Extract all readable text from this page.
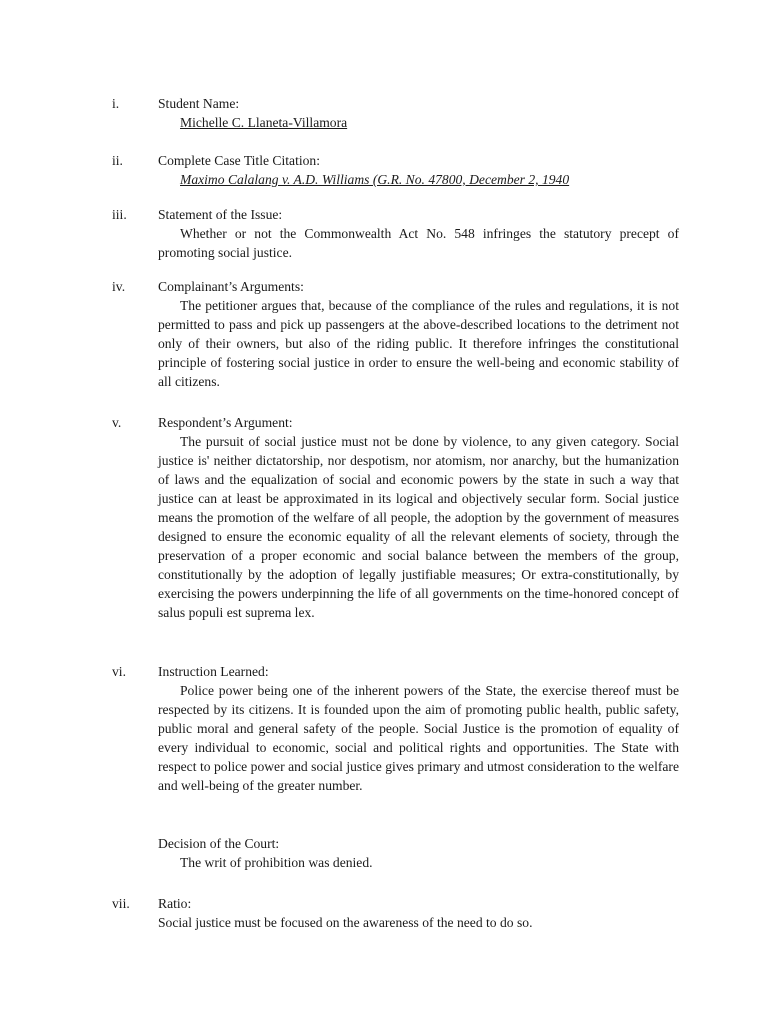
i.	Student Name:
Michelle C. Llaneta-Villamora
ii.	Complete Case Title Citation:
Maximo Calalang v. A.D. Williams (G.R. No. 47800, December 2, 1940
iii.	Statement of the Issue:
Whether or not the Commonwealth Act No. 548 infringes the statutory precept of promoting social justice.
iv.	Complainant’s Arguments:
The petitioner argues that, because of the compliance of the rules and regulations, it is not permitted to pass and pick up passengers at the above-described locations to the detriment not only of their owners, but also of the riding public. It therefore infringes the constitutional principle of fostering social justice in order to ensure the well-being and economic stability of all citizens.
v.	Respondent’s Argument:
The pursuit of social justice must not be done by violence, to any given category. Social justice is' neither dictatorship, nor despotism, nor atomism, nor anarchy, but the humanization of laws and the equalization of social and economic powers by the state in such a way that justice can at least be approximated in its logical and objectively secular form. Social justice means the promotion of the welfare of all people, the adoption by the government of measures designed to ensure the economic equality of all the relevant elements of society, through the preservation of a proper economic and social balance between the members of the group, constitutionally by the adoption of legally justifiable measures; Or extra-constitutionally, by exercising the powers underpinning the life of all governments on the time-honored concept of salus populi est suprema lex.
vi.	Instruction Learned:
Police power being one of the inherent powers of the State, the exercise thereof must be respected by its citizens. It is founded upon the aim of promoting public health, public safety, public moral and general safety of the people. Social Justice is the promotion of equality of every individual to economic, social and political rights and opportunities. The State with respect to police power and social justice gives primary and utmost consideration to the welfare and well-being of the greater number.
Decision of the Court:
The writ of prohibition was denied.
vii.	Ratio:
Social justice must be focused on the awareness of the need to do so.
